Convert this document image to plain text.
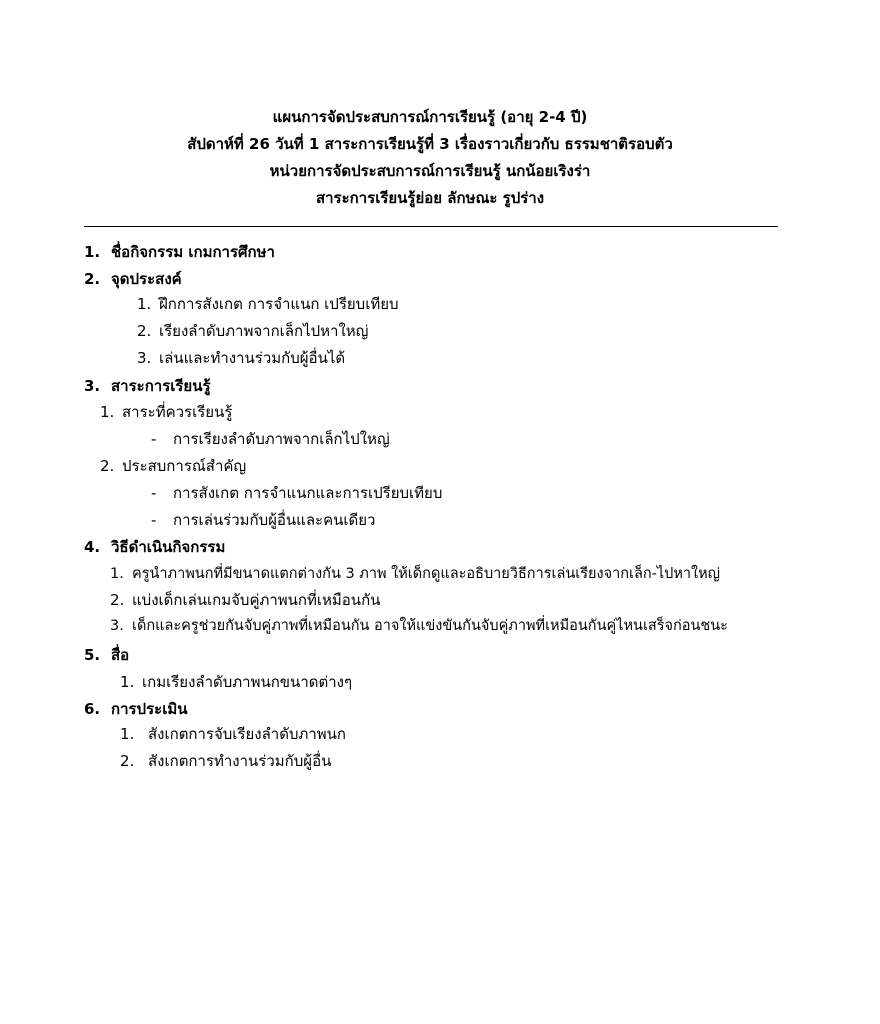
แผนการจัดประสบการณ์การเรียนรู้ (อายุ 2-4 ปี)
สัปดาห์ที่ 26 วันที่ 1 สาระการเรียนรู้ที่ 3 เรื่องราวเกี่ยวกับ ธรรมชาติรอบตัว
หน่วยการจัดประสบการณ์การเรียนรู้ นกน้อยเริงร่า
สาระการเรียนรู้ย่อย ลักษณะ รูปร่าง
1. ชื่อกิจกรรม เกมการศึกษา
2. จุดประสงค์
1. ฝึกการสังเกต การจำแนก เปรียบเทียบ
2. เรียงลำดับภาพจากเล็กไปหาใหญ่
3. เล่นและทำงานร่วมกับผู้อื่นได้
3. สาระการเรียนรู้
1. สาระที่ควรเรียนรู้
- การเรียงลำดับภาพจากเล็กไปใหญ่
2. ประสบการณ์สำคัญ
- การสังเกต การจำแนกและการเปรียบเทียบ
- การเล่นร่วมกับผู้อื่นและคนเดียว
4. วิธีดำเนินกิจกรรม
1. ครูนำภาพนกที่มีขนาดแตกต่างกัน 3 ภาพ ให้เด็กดูและอธิบายวิธีการเล่นเรียงจากเล็ก-ไปหาใหญ่
2. แบ่งเด็กเล่นเกมจับคู่ภาพนกที่เหมือนกัน
3. เด็กและครูช่วยกันจับคู่ภาพที่เหมือนกัน อาจให้แข่งขันกันจับคู่ภาพที่เหมือนกันคู่ไหนเสร็จก่อนชนะ
5. สื่อ
1. เกมเรียงลำดับภาพนกขนาดต่างๆ
6. การประเมิน
1. สังเกตการจับเรียงลำดับภาพนก
2. สังเกตการทำงานร่วมกับผู้อื่น
